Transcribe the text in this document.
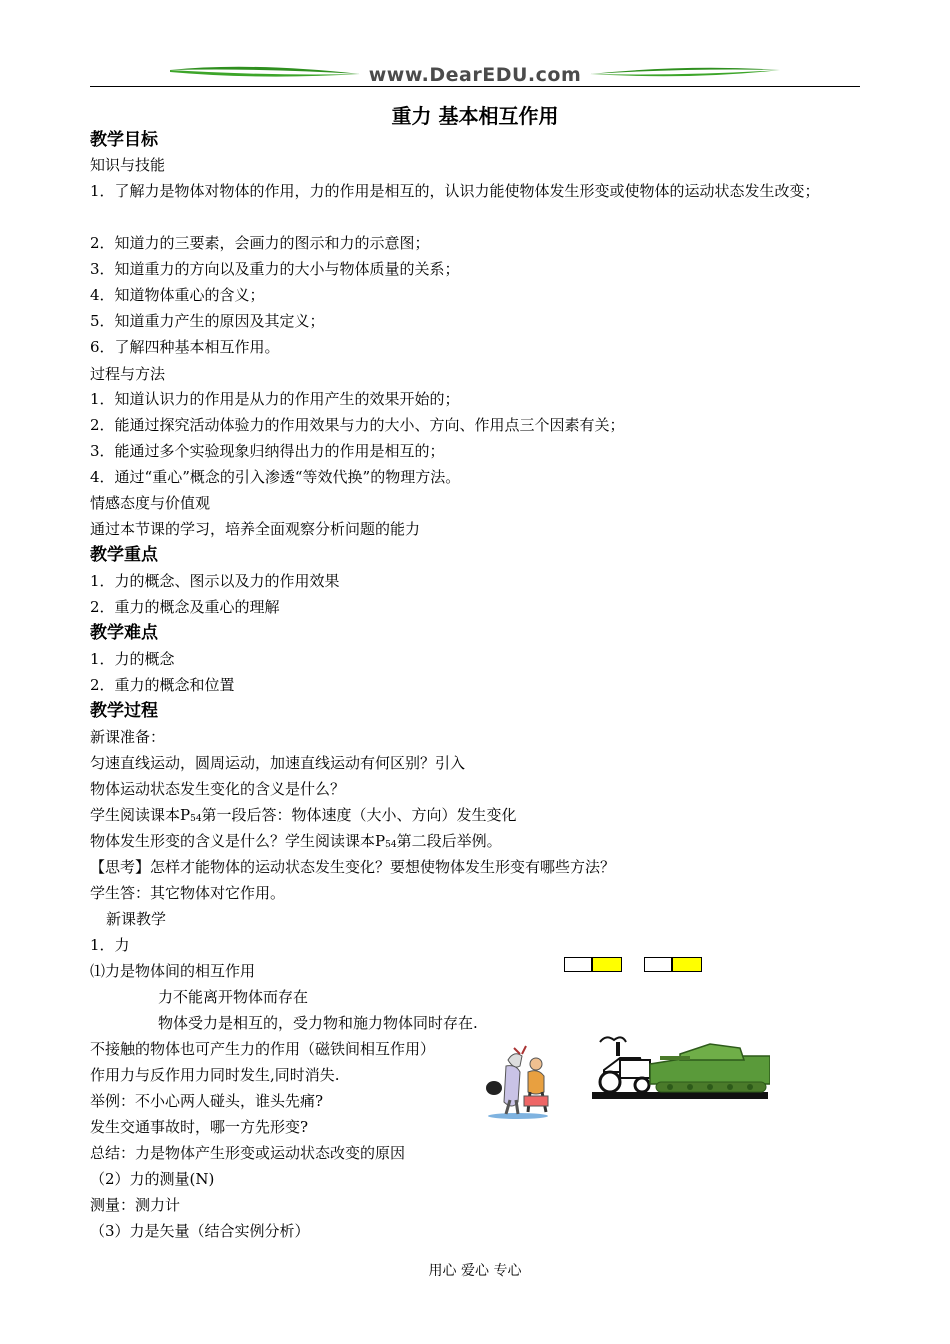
www.DearEDU.com
重力 基本相互作用
教学目标
知识与技能
1．了解力是物体对物体的作用，力的作用是相互的，认识力能使物体发生形变或使物体的运动状态发生改变；
2．知道力的三要素，会画力的图示和力的示意图；
3．知道重力的方向以及重力的大小与物体质量的关系；
4．知道物体重心的含义；
5．知道重力产生的原因及其定义；
6．了解四种基本相互作用。
过程与方法
1．知道认识力的作用是从力的作用产生的效果开始的；
2．能通过探究活动体验力的作用效果与力的大小、方向、作用点三个因素有关；
3．能通过多个实验现象归纳得出力的作用是相互的；
4．通过“重心”概念的引入渗透“等效代换”的物理方法。
情感态度与价值观
通过本节课的学习，培养全面观察分析问题的能力
教学重点
1．力的概念、图示以及力的作用效果
2．重力的概念及重心的理解
教学难点
1．力的概念
2．重力的概念和位置
教学过程
新课准备：
匀速直线运动，圆周运动，加速直线运动有何区别？引入
物体运动状态发生变化的含义是什么？
学生阅读课本$P_{54}$第一段后答：物体速度（大小、方向）发生变化
物体发生形变的含义是什么？学生阅读课本$P_{54}$第二段后举例。
【思考】怎样才能物体的运动状态发生变化？要想使物体发生形变有哪些方法？
学生答：其它物体对它作用。
新课教学
1．力
⑴力是物体间的相互作用
力不能离开物体而存在
物体受力是相互的，受力物和施力物体同时存在.
不接触的物体也可产生力的作用（磁铁间相互作用）
作用力与反作用力同时发生,同时消失.
举例：不小心两人碰头，谁头先痛?
发生交通事故时，哪一方先形变?
总结：力是物体产生形变或运动状态改变的原因
（2）力的测量(N)
测量：测力计
（3）力是矢量（结合实例分析）
用心 爱心 专心
